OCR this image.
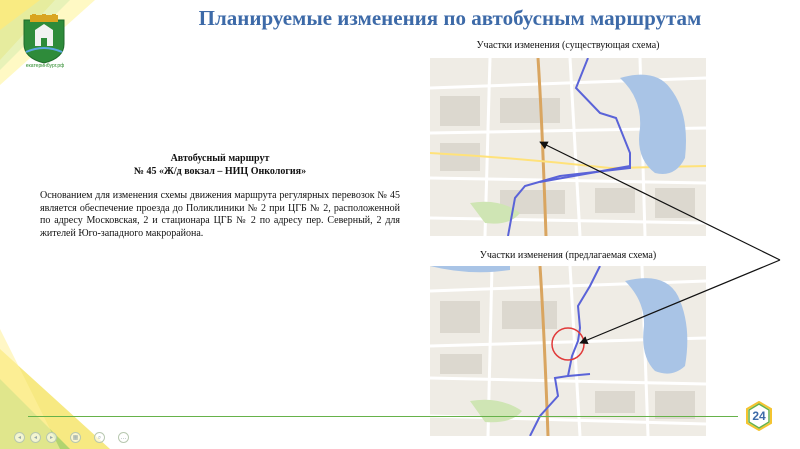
екатеринбург.рф
Планируемые изменения по автобусным маршрутам
Автобусный маршрут
№ 45 «Ж/д вокзал – НИЦ Онкология»
Основанием для изменения схемы движения маршрута регулярных перевозок № 45 является обеспечение проезда до Поликлиники № 2 при ЦГБ № 2, расположенной по адресу Московская, 2 и стационара ЦГБ № 2 по адресу пер. Северный, 2 для жителей Юго-западного макрорайона.
Участки изменения (существующая схема)
Участки изменения (предлагаемая схема)
24
◂	◂	▸	▦	⌕	…
